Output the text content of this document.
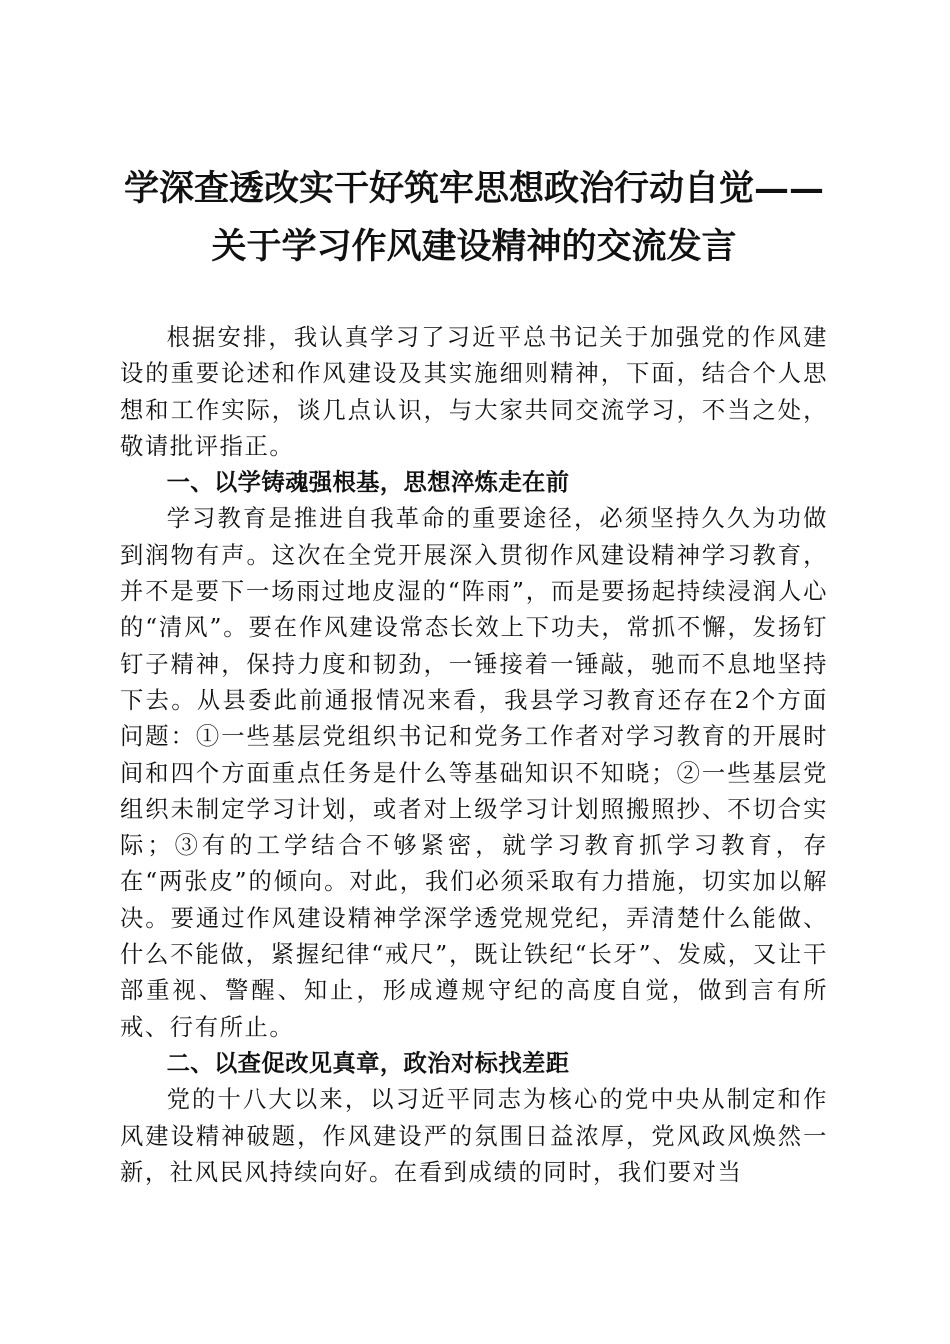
学深查透改实干好筑牢思想政治行动自觉——
关于学习作风建设精神的交流发言

根据安排，我认真学习了习近平总书记关于加强党的作风建设的重要论述和作风建设及其实施细则精神，下面，结合个人思想和工作实际，谈几点认识，与大家共同交流学习，不当之处，敬请批评指正。

一、以学铸魂强根基，思想淬炼走在前

学习教育是推进自我革命的重要途径，必须坚持久久为功做到润物有声。这次在全党开展深入贯彻作风建设精神学习教育，并不是要下一场雨过地皮湿的“阵雨”，而是要扬起持续浸润人心的“清风”。要在作风建设常态长效上下功夫，常抓不懈，发扬钉钉子精神，保持力度和韧劲，一锤接着一锤敲，驰而不息地坚持下去。从县委此前通报情况来看，我县学习教育还存在2个方面问题：①一些基层党组织书记和党务工作者对学习教育的开展时间和四个方面重点任务是什么等基础知识不知晓；②一些基层党组织未制定学习计划，或者对上级学习计划照搬照抄、不切合实际；③有的工学结合不够紧密，就学习教育抓学习教育，存在“两张皮”的倾向。对此，我们必须采取有力措施，切实加以解决。要通过作风建设精神学深学透党规党纪，弄清楚什么能做、什么不能做，紧握纪律“戒尺”，既让铁纪“长牙”、发威，又让干部重视、警醒、知止，形成遵规守纪的高度自觉，做到言有所戒、行有所止。

二、以查促改见真章，政治对标找差距

党的十八大以来，以习近平同志为核心的党中央从制定和作风建设精神破题，作风建设严的氛围日益浓厚，党风政风焕然一新，社风民风持续向好。在看到成绩的同时，我们要对当
